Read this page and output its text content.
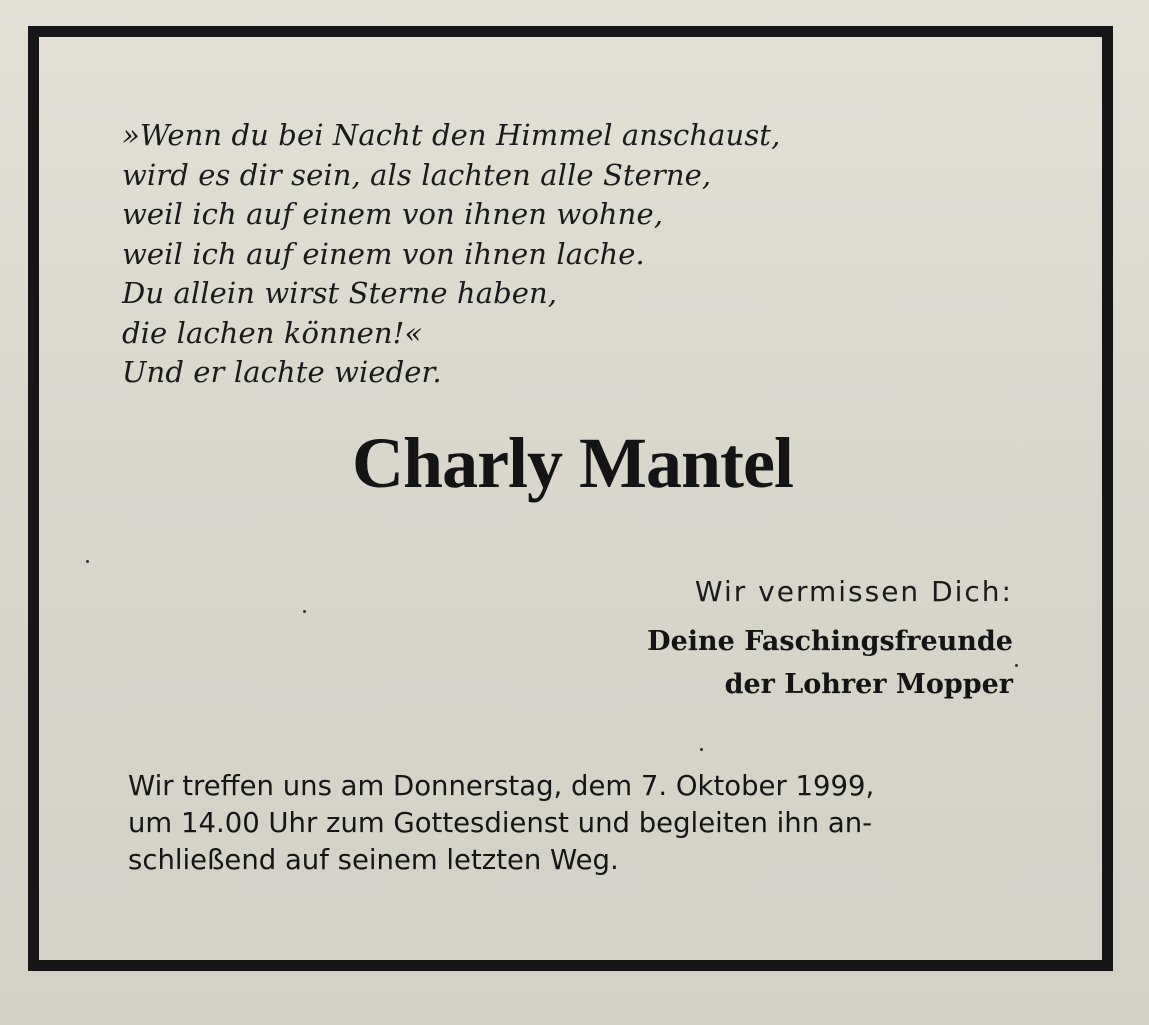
»Wenn du bei Nacht den Himmel anschaust,
wird es dir sein, als lachten alle Sterne,
weil ich auf einem von ihnen wohne,
weil ich auf einem von ihnen lache.
Du allein wirst Sterne haben,
die lachen können!«
Und er lachte wieder.
Charly Mantel
Wir vermissen Dich:
Deine Faschingsfreunde
der Lohrer Mopper
Wir treffen uns am Donnerstag, dem 7. Oktober 1999,
um 14.00 Uhr zum Gottesdienst und begleiten ihn an-
schließend auf seinem letzten Weg.
